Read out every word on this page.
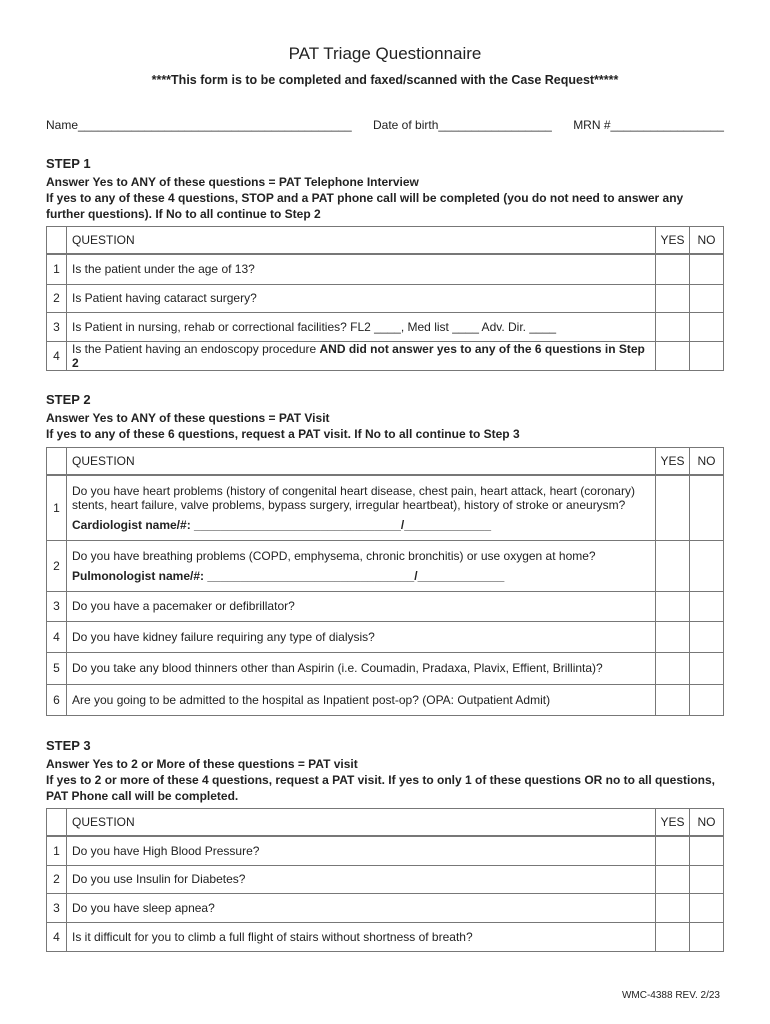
PAT Triage Questionnaire
****This form is to be completed and faxed/scanned with the Case Request*****
Name_________________________________________ Date of birth_________________ MRN #_________________
STEP 1
Answer Yes to ANY of these questions = PAT Telephone Interview
If yes to any of these 4 questions, STOP and a PAT phone call will be completed (you do not need to answer any further questions). If No to all continue to Step 2
	QUESTION	YES	NO
1	Is the patient under the age of 13?		
2	Is Patient having cataract surgery?		
3	Is Patient in nursing, rehab or correctional facilities? FL2 ____, Med list ____ Adv. Dir. ____		
4	Is the Patient having an endoscopy procedure AND did not answer yes to any of the 6 questions in Step 2		
STEP 2
Answer Yes to ANY of these questions = PAT Visit
If yes to any of these 6 questions, request a PAT visit. If No to all continue to Step 3
	QUESTION	YES	NO
1	Do you have heart problems (history of congenital heart disease, chest pain, heart attack, heart (coronary) stents, heart failure, valve problems, bypass surgery, irregular heartbeat), history of stroke or aneurysm?
Cardiologist name/#: _______________________________/_____________		

2	Do you have breathing problems (COPD, emphysema, chronic bronchitis) or use oxygen at home?
Pulmonologist name/#: _______________________________/_____________		

3	Do you have a pacemaker or defibrillator?		
4	Do you have kidney failure requiring any type of dialysis?		
5	Do you take any blood thinners other than Aspirin (i.e. Coumadin, Pradaxa, Plavix, Effient, Brillinta)?		
6	Are you going to be admitted to the hospital as Inpatient post-op? (OPA: Outpatient Admit)		
STEP 3
Answer Yes to 2 or More of these questions = PAT visit
If yes to 2 or more of these 4 questions, request a PAT visit. If yes to only 1 of these questions OR no to all questions, PAT Phone call will be completed.
	QUESTION	YES	NO
1	Do you have High Blood Pressure?		
2	Do you use Insulin for Diabetes?		
3	Do you have sleep apnea?		
4	Is it difficult for you to climb a full flight of stairs without shortness of breath?		
WMC-4388 REV. 2/23
